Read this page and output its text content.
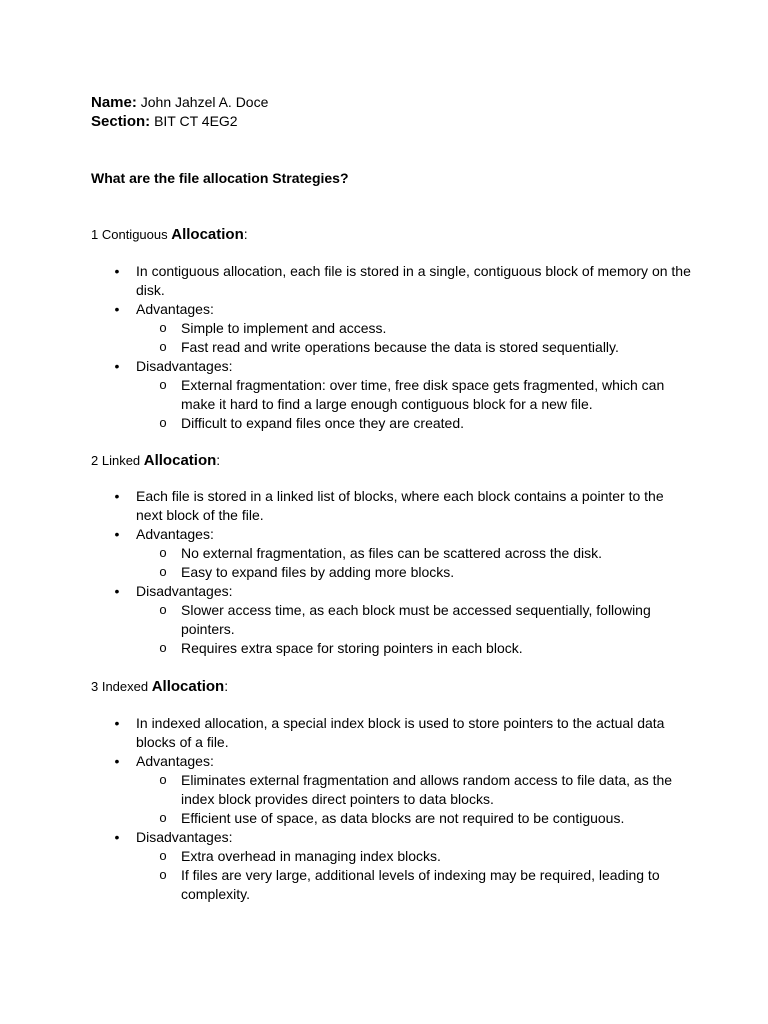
Name: John Jahzel A. Doce
Section: BIT CT 4EG2
What are the file allocation Strategies?
1 Contiguous Allocation:
• In contiguous allocation, each file is stored in a single, contiguous block of memory on the disk.
• Advantages:
o Simple to implement and access.
o Fast read and write operations because the data is stored sequentially.
• Disadvantages:
o External fragmentation: over time, free disk space gets fragmented, which can make it hard to find a large enough contiguous block for a new file.
o Difficult to expand files once they are created.
2 Linked Allocation:
• Each file is stored in a linked list of blocks, where each block contains a pointer to the next block of the file.
• Advantages:
o No external fragmentation, as files can be scattered across the disk.
o Easy to expand files by adding more blocks.
• Disadvantages:
o Slower access time, as each block must be accessed sequentially, following pointers.
o Requires extra space for storing pointers in each block.
3 Indexed Allocation:
• In indexed allocation, a special index block is used to store pointers to the actual data blocks of a file.
• Advantages:
o Eliminates external fragmentation and allows random access to file data, as the index block provides direct pointers to data blocks.
o Efficient use of space, as data blocks are not required to be contiguous.
• Disadvantages:
o Extra overhead in managing index blocks.
o If files are very large, additional levels of indexing may be required, leading to complexity.
